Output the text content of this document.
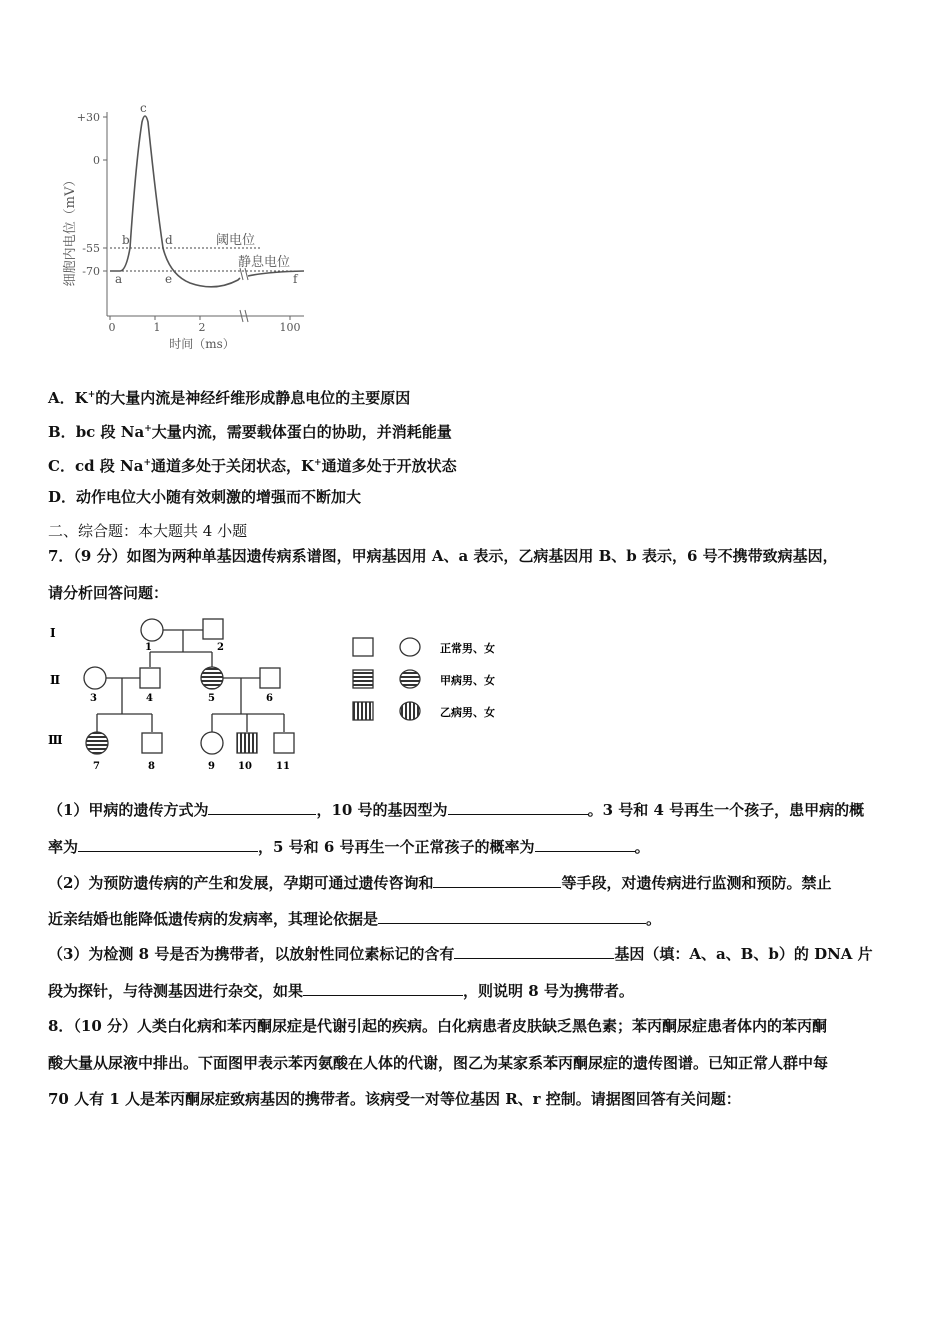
细胞内电位（mV）
+30
0
-55
-70
0	1	2	100
时间（ms）
a
b
c
d
e	f
阈电位
静息电位
A．K+的大量内流是神经纤维形成静息电位的主要原因
B．bc 段 Na+大量内流，需要载体蛋白的协助，并消耗能量
C．cd 段 Na+通道多处于关闭状态，K+通道多处于开放状态
D．动作电位大小随有效刺激的增强而不断加大
二、综合题：本大题共 4 小题
7．（9 分）如图为两种单基因遗传病系谱图，甲病基因用 A、a 表示，乙病基因用 B、b 表示，6 号不携带致病基因，
请分析回答问题：
Ⅰ
Ⅱ
Ⅲ
1	2
3	4	5	6
7	8	9 10 11
正常男、女
甲病男、女
乙病男、女
（1）甲病的遗传方式为	，10 号的基因型为	。3 号和 4 号再生一个孩子，患甲病的概
率为	，5 号和 6 号再生一个正常孩子的概率为	。
（2）为预防遗传病的产生和发展，孕期可通过遗传咨询和	等手段，对遗传病进行监测和预防。禁止
近亲结婚也能降低遗传病的发病率，其理论依据是	。
（3）为检测 8 号是否为携带者，以放射性同位素标记的含有	基因（填：A、a、B、b）的 DNA 片
段为探针，与待测基因进行杂交，如果	，则说明 8 号为携带者。
8．（10 分）人类白化病和苯丙酮尿症是代谢引起的疾病。白化病患者皮肤缺乏黑色素；苯丙酮尿症患者体内的苯丙酮
酸大量从尿液中排出。下面图甲表示苯丙氨酸在人体的代谢，图乙为某家系苯丙酮尿症的遗传图谱。已知正常人群中每
70 人有 1 人是苯丙酮尿症致病基因的携带者。该病受一对等位基因 R、r 控制。请据图回答有关问题：
